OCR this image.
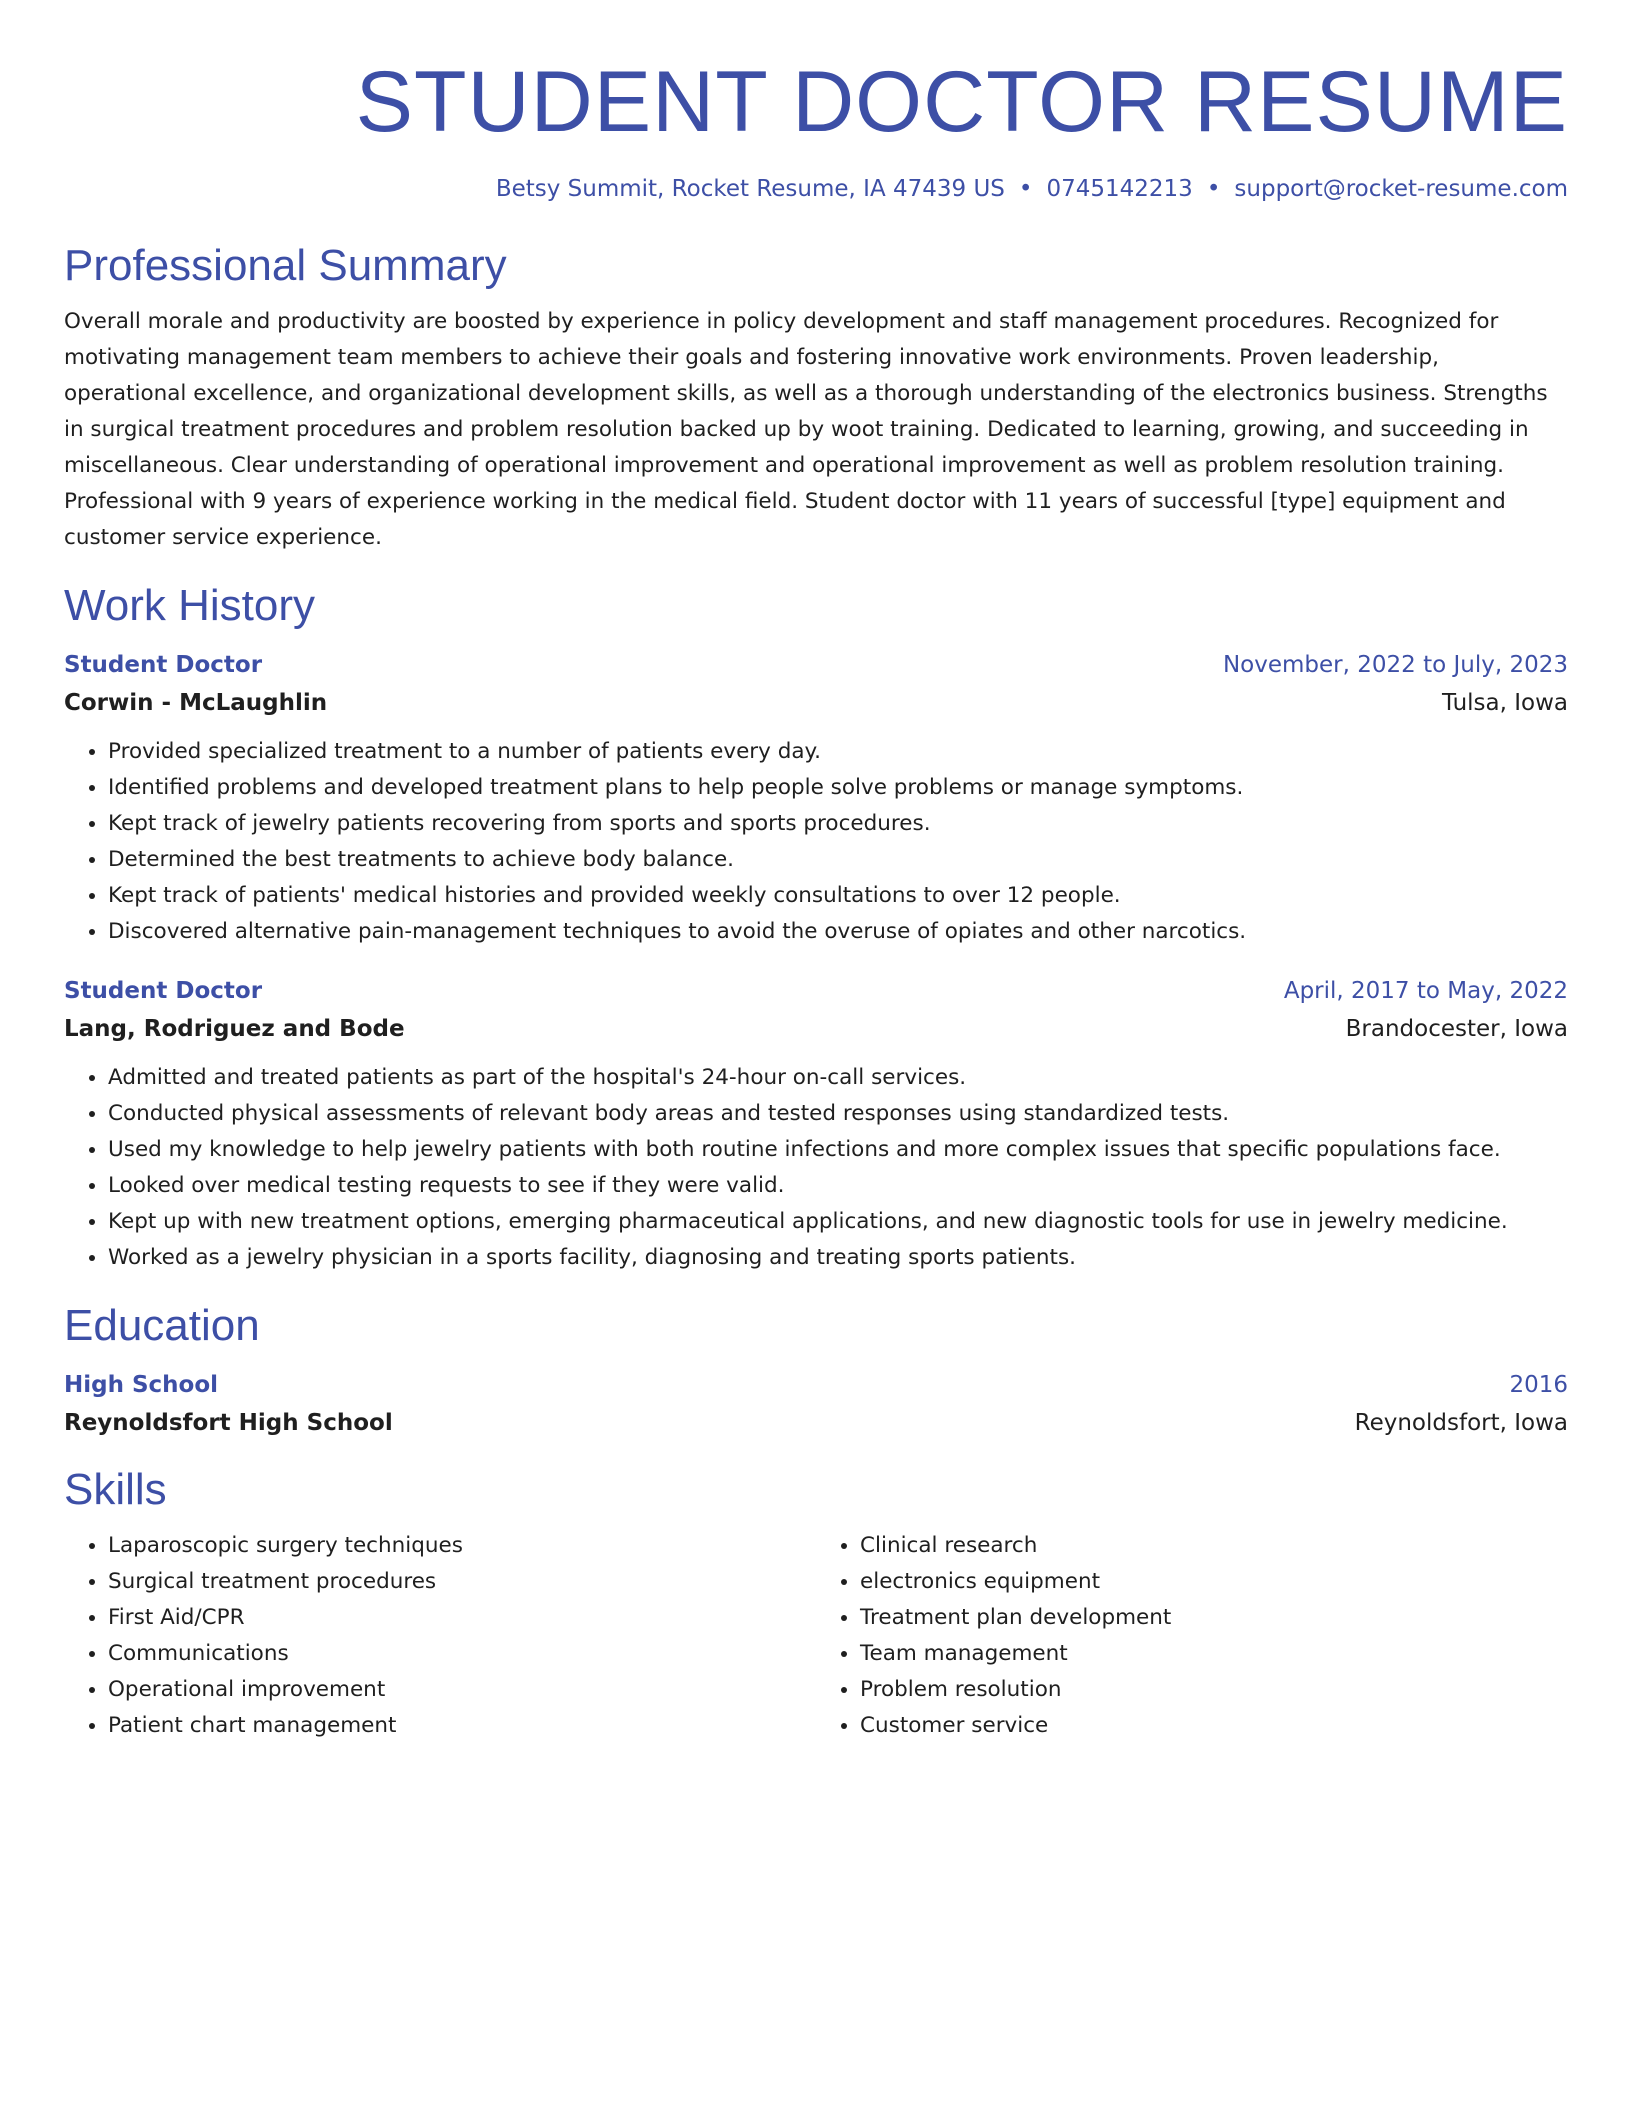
STUDENT DOCTOR RESUME
Betsy Summit, Rocket Resume, IA 47439 US • 0745142213 • support@rocket-resume.com
Professional Summary
Overall morale and productivity are boosted by experience in policy development and staff management procedures. Recognized for motivating management team members to achieve their goals and fostering innovative work environments. Proven leadership, operational excellence, and organizational development skills, as well as a thorough understanding of the electronics business. Strengths in surgical treatment procedures and problem resolution backed up by woot training. Dedicated to learning, growing, and succeeding in miscellaneous. Clear understanding of operational improvement and operational improvement as well as problem resolution training. Professional with 9 years of experience working in the medical field. Student doctor with 11 years of successful [type] equipment and customer service experience.
Work History
Student Doctor	November, 2022 to July, 2023
Corwin - McLaughlin	Tulsa, Iowa
• Provided specialized treatment to a number of patients every day.
• Identified problems and developed treatment plans to help people solve problems or manage symptoms.
• Kept track of jewelry patients recovering from sports and sports procedures.
• Determined the best treatments to achieve body balance.
• Kept track of patients' medical histories and provided weekly consultations to over 12 people.
• Discovered alternative pain-management techniques to avoid the overuse of opiates and other narcotics.
Student Doctor	April, 2017 to May, 2022
Lang, Rodriguez and Bode	Brandocester, Iowa
• Admitted and treated patients as part of the hospital's 24-hour on-call services.
• Conducted physical assessments of relevant body areas and tested responses using standardized tests.
• Used my knowledge to help jewelry patients with both routine infections and more complex issues that specific populations face.
• Looked over medical testing requests to see if they were valid.
• Kept up with new treatment options, emerging pharmaceutical applications, and new diagnostic tools for use in jewelry medicine.
• Worked as a jewelry physician in a sports facility, diagnosing and treating sports patients.
Education
High School	2016
Reynoldsfort High School	Reynoldsfort, Iowa
Skills
• Laparoscopic surgery techniques
• Surgical treatment procedures
• First Aid/CPR
• Communications
• Operational improvement
• Patient chart management
• Clinical research
• electronics equipment
• Treatment plan development
• Team management
• Problem resolution
• Customer service
